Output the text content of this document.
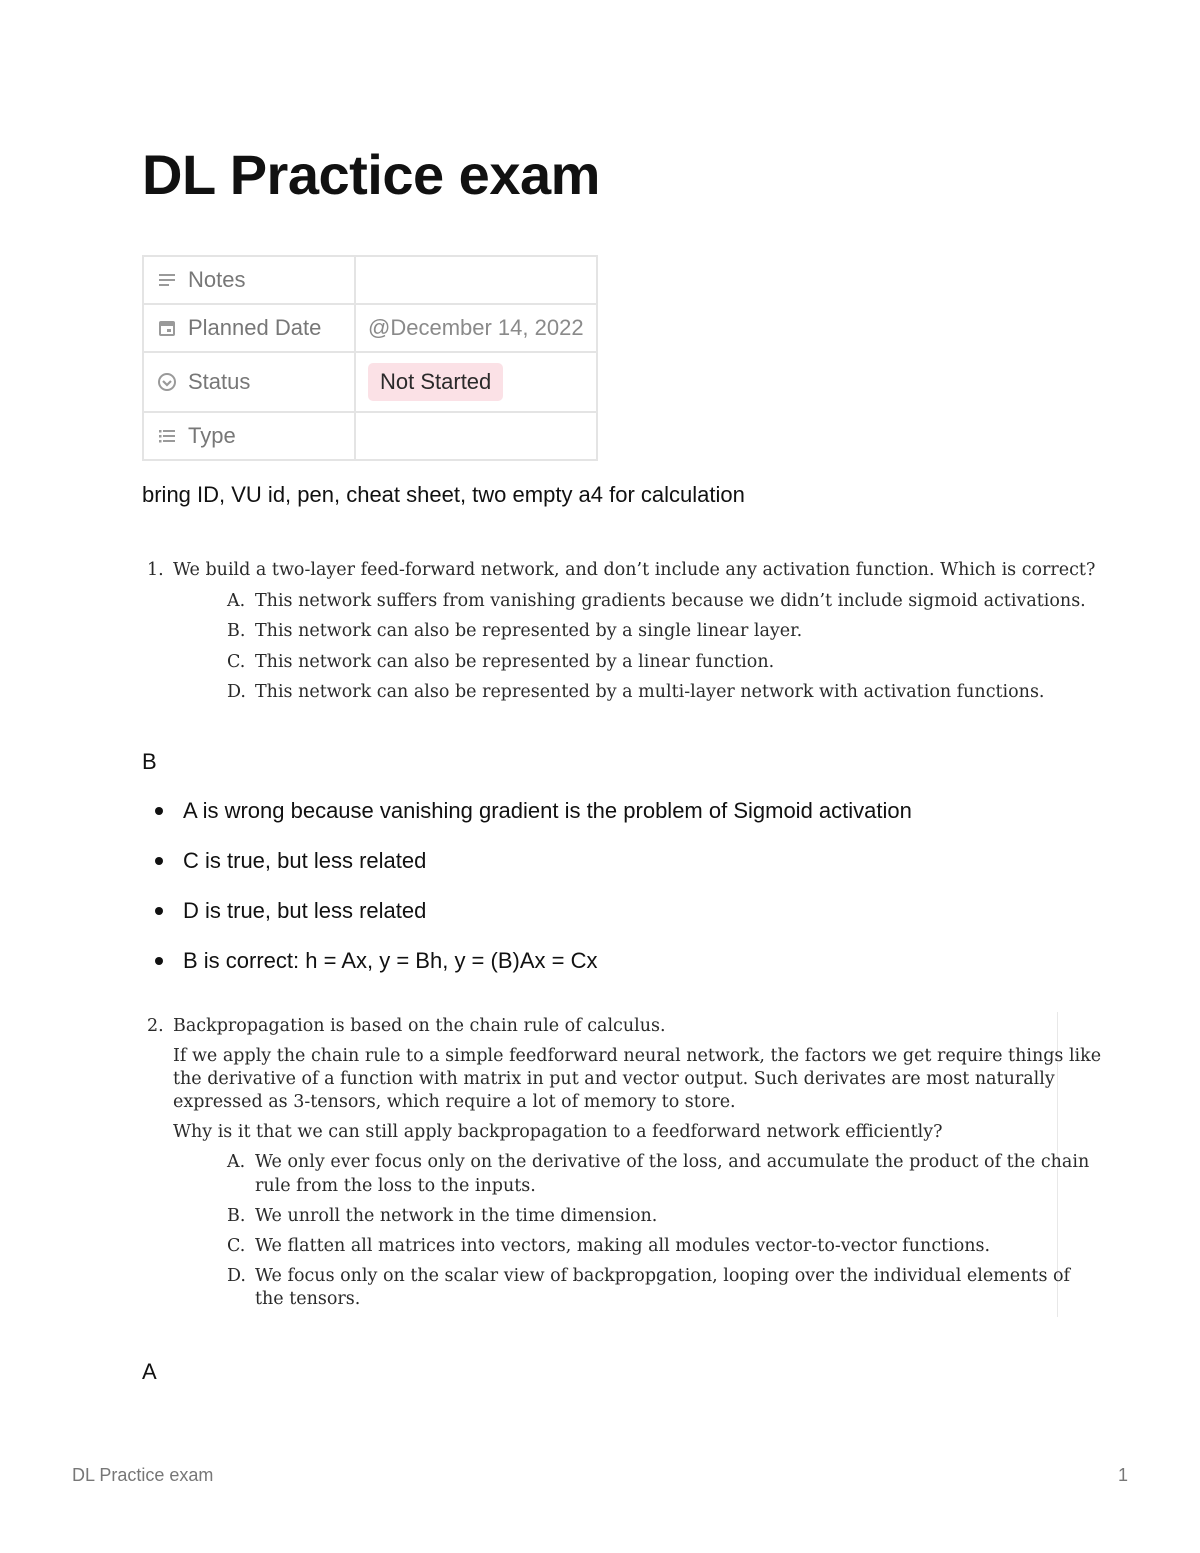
DL Practice exam
Notes	

Planned Date	@December 14, 2022

Status	Not Started

Type	

bring ID, VU id, pen, cheat sheet, two empty a4 for calculation

1. We build a two-layer feed-forward network, and don’t include any activation function. Which is correct?
A. This network suffers from vanishing gradients because we didn’t include sigmoid activations.
B. This network can also be represented by a single linear layer.
C. This network can also be represented by a linear function.
D. This network can also be represented by a multi-layer network with activation functions.

B

A is wrong because vanishing gradient is the problem of Sigmoid activation
C is true, but less related
D is true, but less related
B is correct: h = Ax, y = Bh, y = (B)Ax = Cx
2. Backpropagation is based on the chain rule of calculus.
If we apply the chain rule to a simple feedforward neural network, the factors we get require things like
the derivative of a function with matrix in put and vector output. Such derivates are most naturally
expressed as 3-tensors, which require a lot of memory to store.
Why is it that we can still apply backpropagation to a feedforward network efficiently?
A. We only ever focus only on the derivative of the loss, and accumulate the product of the chain
rule from the loss to the inputs.
B. We unroll the network in the time dimension.
C. We flatten all matrices into vectors, making all modules vector-to-vector functions.
D. We focus only on the scalar view of backpropgation, looping over the individual elements of
the tensors.

A

DL Practice exam	1
